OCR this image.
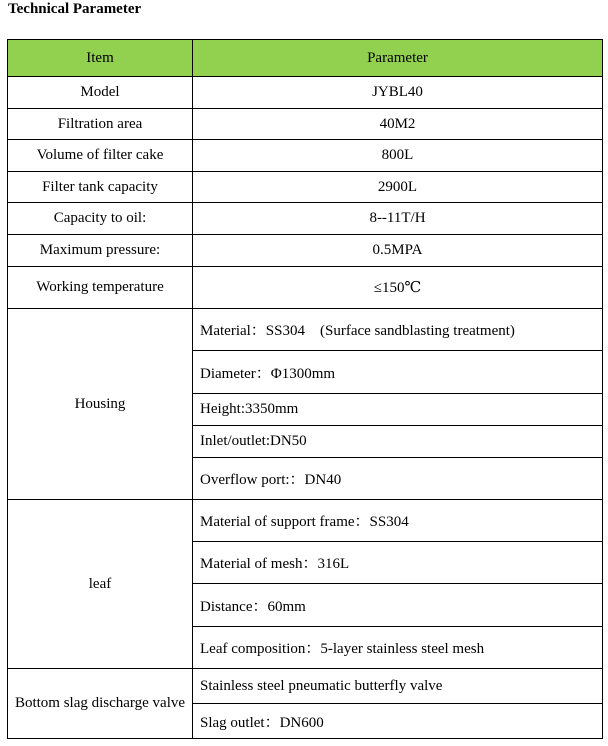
Technical Parameter
Item	Parameter
Model	JYBL40
Filtration area	40M2
Volume of filter cake	800L
Filter tank capacity	2900L
Capacity to oil:	8--11T/H
Maximum pressure:	0.5MPA
Working temperature	≤150℃
Housing	Material：SS304　(Surface sandblasting treatment)
	Diameter：Φ1300mm
	Height:3350mm
	Inlet/outlet:DN50
	Overflow port:：DN40
leaf	Material of support frame：SS304
	Material of mesh：316L
	Distance：60mm
	Leaf composition：5-layer stainless steel mesh
Bottom slag discharge valve	Stainless steel pneumatic butterfly valve
	Slag outlet：DN600
